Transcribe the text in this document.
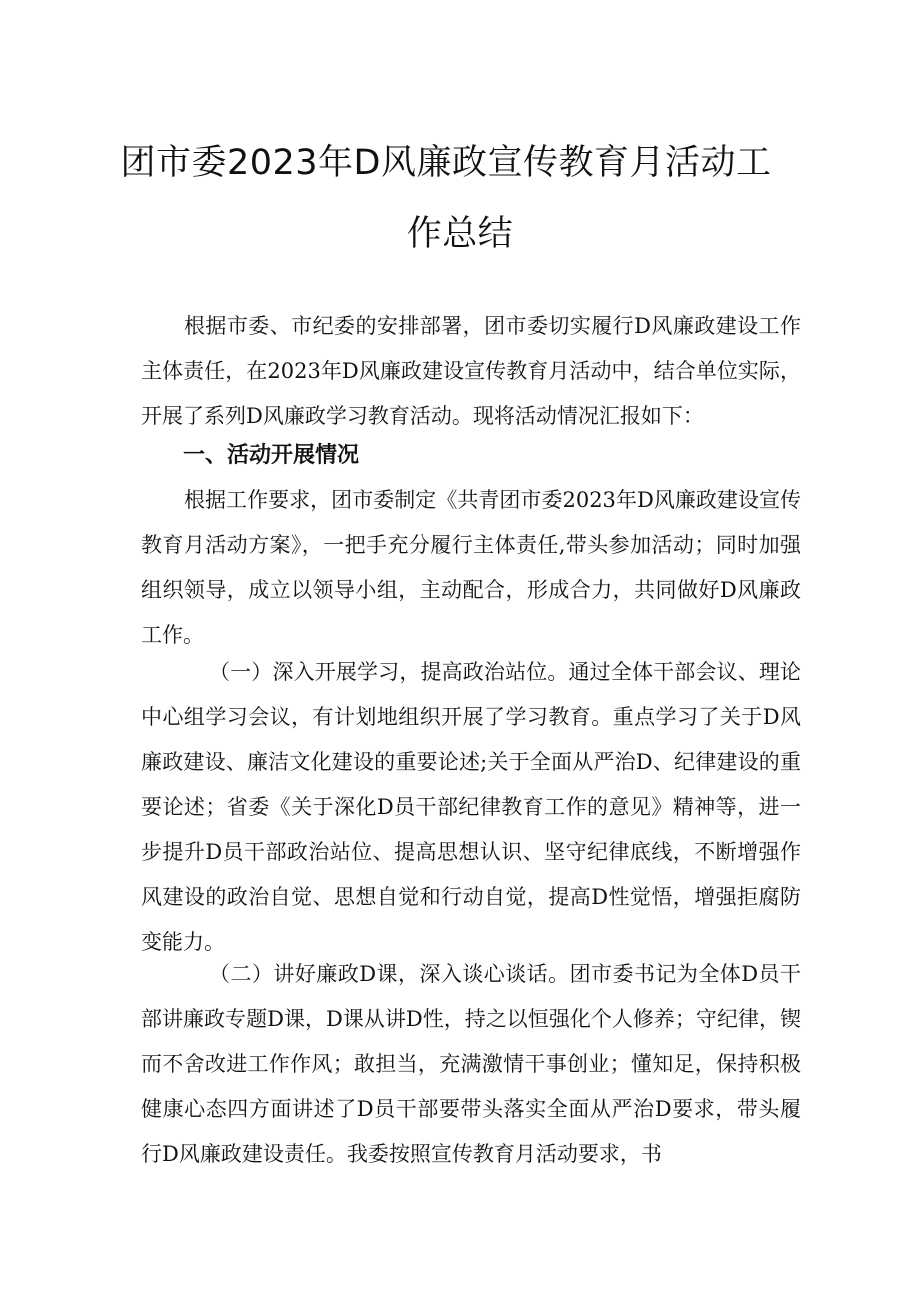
团市委2023年D风廉政宣传教育月活动工
作总结
根据市委、市纪委的安排部署，团市委切实履行D风廉政建设工作主体责任，在2023年D风廉政建设宣传教育月活动中，结合单位实际，开展了系列D风廉政学习教育活动。现将活动情况汇报如下：
一、活动开展情况
根据工作要求，团市委制定《共青团市委2023年D风廉政建设宣传教育月活动方案》，一把手充分履行主体责任,带头参加活动；同时加强组织领导，成立以领导小组，主动配合，形成合力，共同做好D风廉政工作。
（一）深入开展学习，提高政治站位。通过全体干部会议、理论中心组学习会议，有计划地组织开展了学习教育。重点学习了关于D风廉政建设、廉洁文化建设的重要论述;关于全面从严治D、纪律建设的重要论述；省委《关于深化D员干部纪律教育工作的意见》精神等，进一步提升D员干部政治站位、提高思想认识、坚守纪律底线，不断增强作风建设的政治自觉、思想自觉和行动自觉，提高D性觉悟，增强拒腐防变能力。
（二）讲好廉政D课，深入谈心谈话。团市委书记为全体D员干部讲廉政专题D课，D课从讲D性，持之以恒强化个人修养；守纪律，锲而不舍改进工作作风；敢担当，充满激情干事创业；懂知足，保持积极健康心态四方面讲述了D员干部要带头落实全面从严治D要求，带头履行D风廉政建设责任。我委按照宣传教育月活动要求，书
